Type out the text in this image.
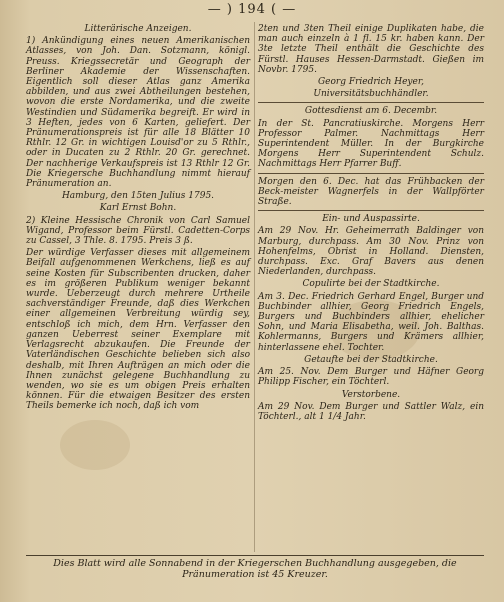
— ) 194 ( —

Litterärische Anzeigen.

1) Ankündigung eines neuen Amerikanischen Atlasses, von Joh. Dan. Sotzmann, königl. Preuss. Kriegssecretär und Geograph der Berliner Akademie der Wissenschaften. Eigentlich soll dieser Atlas ganz Amerika abbilden, und aus zwei Abtheilungen bestehen, wovon die erste Nordamerika, und die zweite Westindien und Südamerika begreift. Er wird in 3 Heften, jedes von 6 Karten, geliefert. Der Pränumerationspreis ist für alle 18 Blätter 10 Rthlr. 12 Gr. in wichtigen Louisd'or zu 5 Rthlr., oder in Ducaten zu 2 Rthlr. 20 Gr. gerechnet. Der nachherige Verkaufspreis ist 13 Rthlr 12 Gr. Die Kriegersche Buchhandlung nimmt hierauf Pränumeration an.

Hamburg, den 15ten Julius 1795.

Karl Ernst Bohn.

2) Kleine Hessische Chronik von Carl Samuel Wigand, Professor beim Fürstl. Cadetten-Corps zu Cassel, 3 Thle. 8. 1795. Preis 3 ß.

Der würdige Verfasser dieses mit allgemeinem Beifall aufgenommenen Werkchens, ließ es auf seine Kosten für Subscribenten drucken, daher es im größeren Publikum weniger bekannt wurde. Ueberzeugt durch mehrere Urtheile sachverständiger Freunde, daß dies Werkchen einer allgemeinen Verbreitung würdig sey, entschloß ich mich, dem Hrn. Verfasser den ganzen Ueberrest seiner Exemplare mit Verlagsrecht abzukaufen. Die Freunde der Vaterländischen Geschichte belieben sich also deshalb, mit Ihren Aufträgen an mich oder die Ihnen zunächst gelegene Buchhandlung zu wenden, wo sie es um obigen Preis erhalten können. Für die etwaigen Besitzer des ersten Theils bemerke ich noch, daß ich vom

2ten und 3ten Theil einige Duplikaten habe, die man auch einzeln à 1 fl. 15 kr. haben kann. Der 3te letzte Theil enthält die Geschichte des Fürstl. Hauses Hessen-Darmstadt. Gießen im Novbr. 1795.

Georg Friedrich Heyer,

Universitätsbuchhändler.

Gottesdienst am 6. Decembr.

In der St. Pancratiuskirche. Morgens Herr Professor Palmer. Nachmittags Herr Superintendent Müller. In der Burgkirche Morgens Herr Superintendent Schulz. Nachmittags Herr Pfarrer Buff.

Morgen den 6. Dec. hat das Frühbacken der Beck-meister Wagnerfels in der Wallpförter Straße.

Ein- und Auspassirte.

Am 29 Nov. Hr. Geheimerrath Baldinger von Marburg, durchpass. Am 30 Nov. Prinz von Hohenfelms, Obrist in Holland. Diensten, durchpass. Exc. Graf Bavers aus denen Niederlanden, durchpass.

Copulirte bei der Stadtkirche.

Am 3. Dec. Friedrich Gerhard Engel, Burger und Buchbinder allhier, Georg Friedrich Engels, Burgers und Buchbinders allhier, ehelicher Sohn, und Maria Elisabetha, weil. Joh. Balthas. Kohlermanns, Burgers und Krämers allhier, hinterlassene ehel. Tochter.

Getaufte bei der Stadtkirche.

Am 25. Nov. Dem Burger und Häfner Georg Philipp Fischer, ein Töchterl.

Verstorbene.

Am 29 Nov. Dem Burger und Sattler Walz, ein Töchterl., alt 1 1/4 Jahr.

Dies Blatt wird alle Sonnabend in der Kriegerschen Buchhandlung ausgegeben, die Pränumeration ist 45 Kreuzer.
